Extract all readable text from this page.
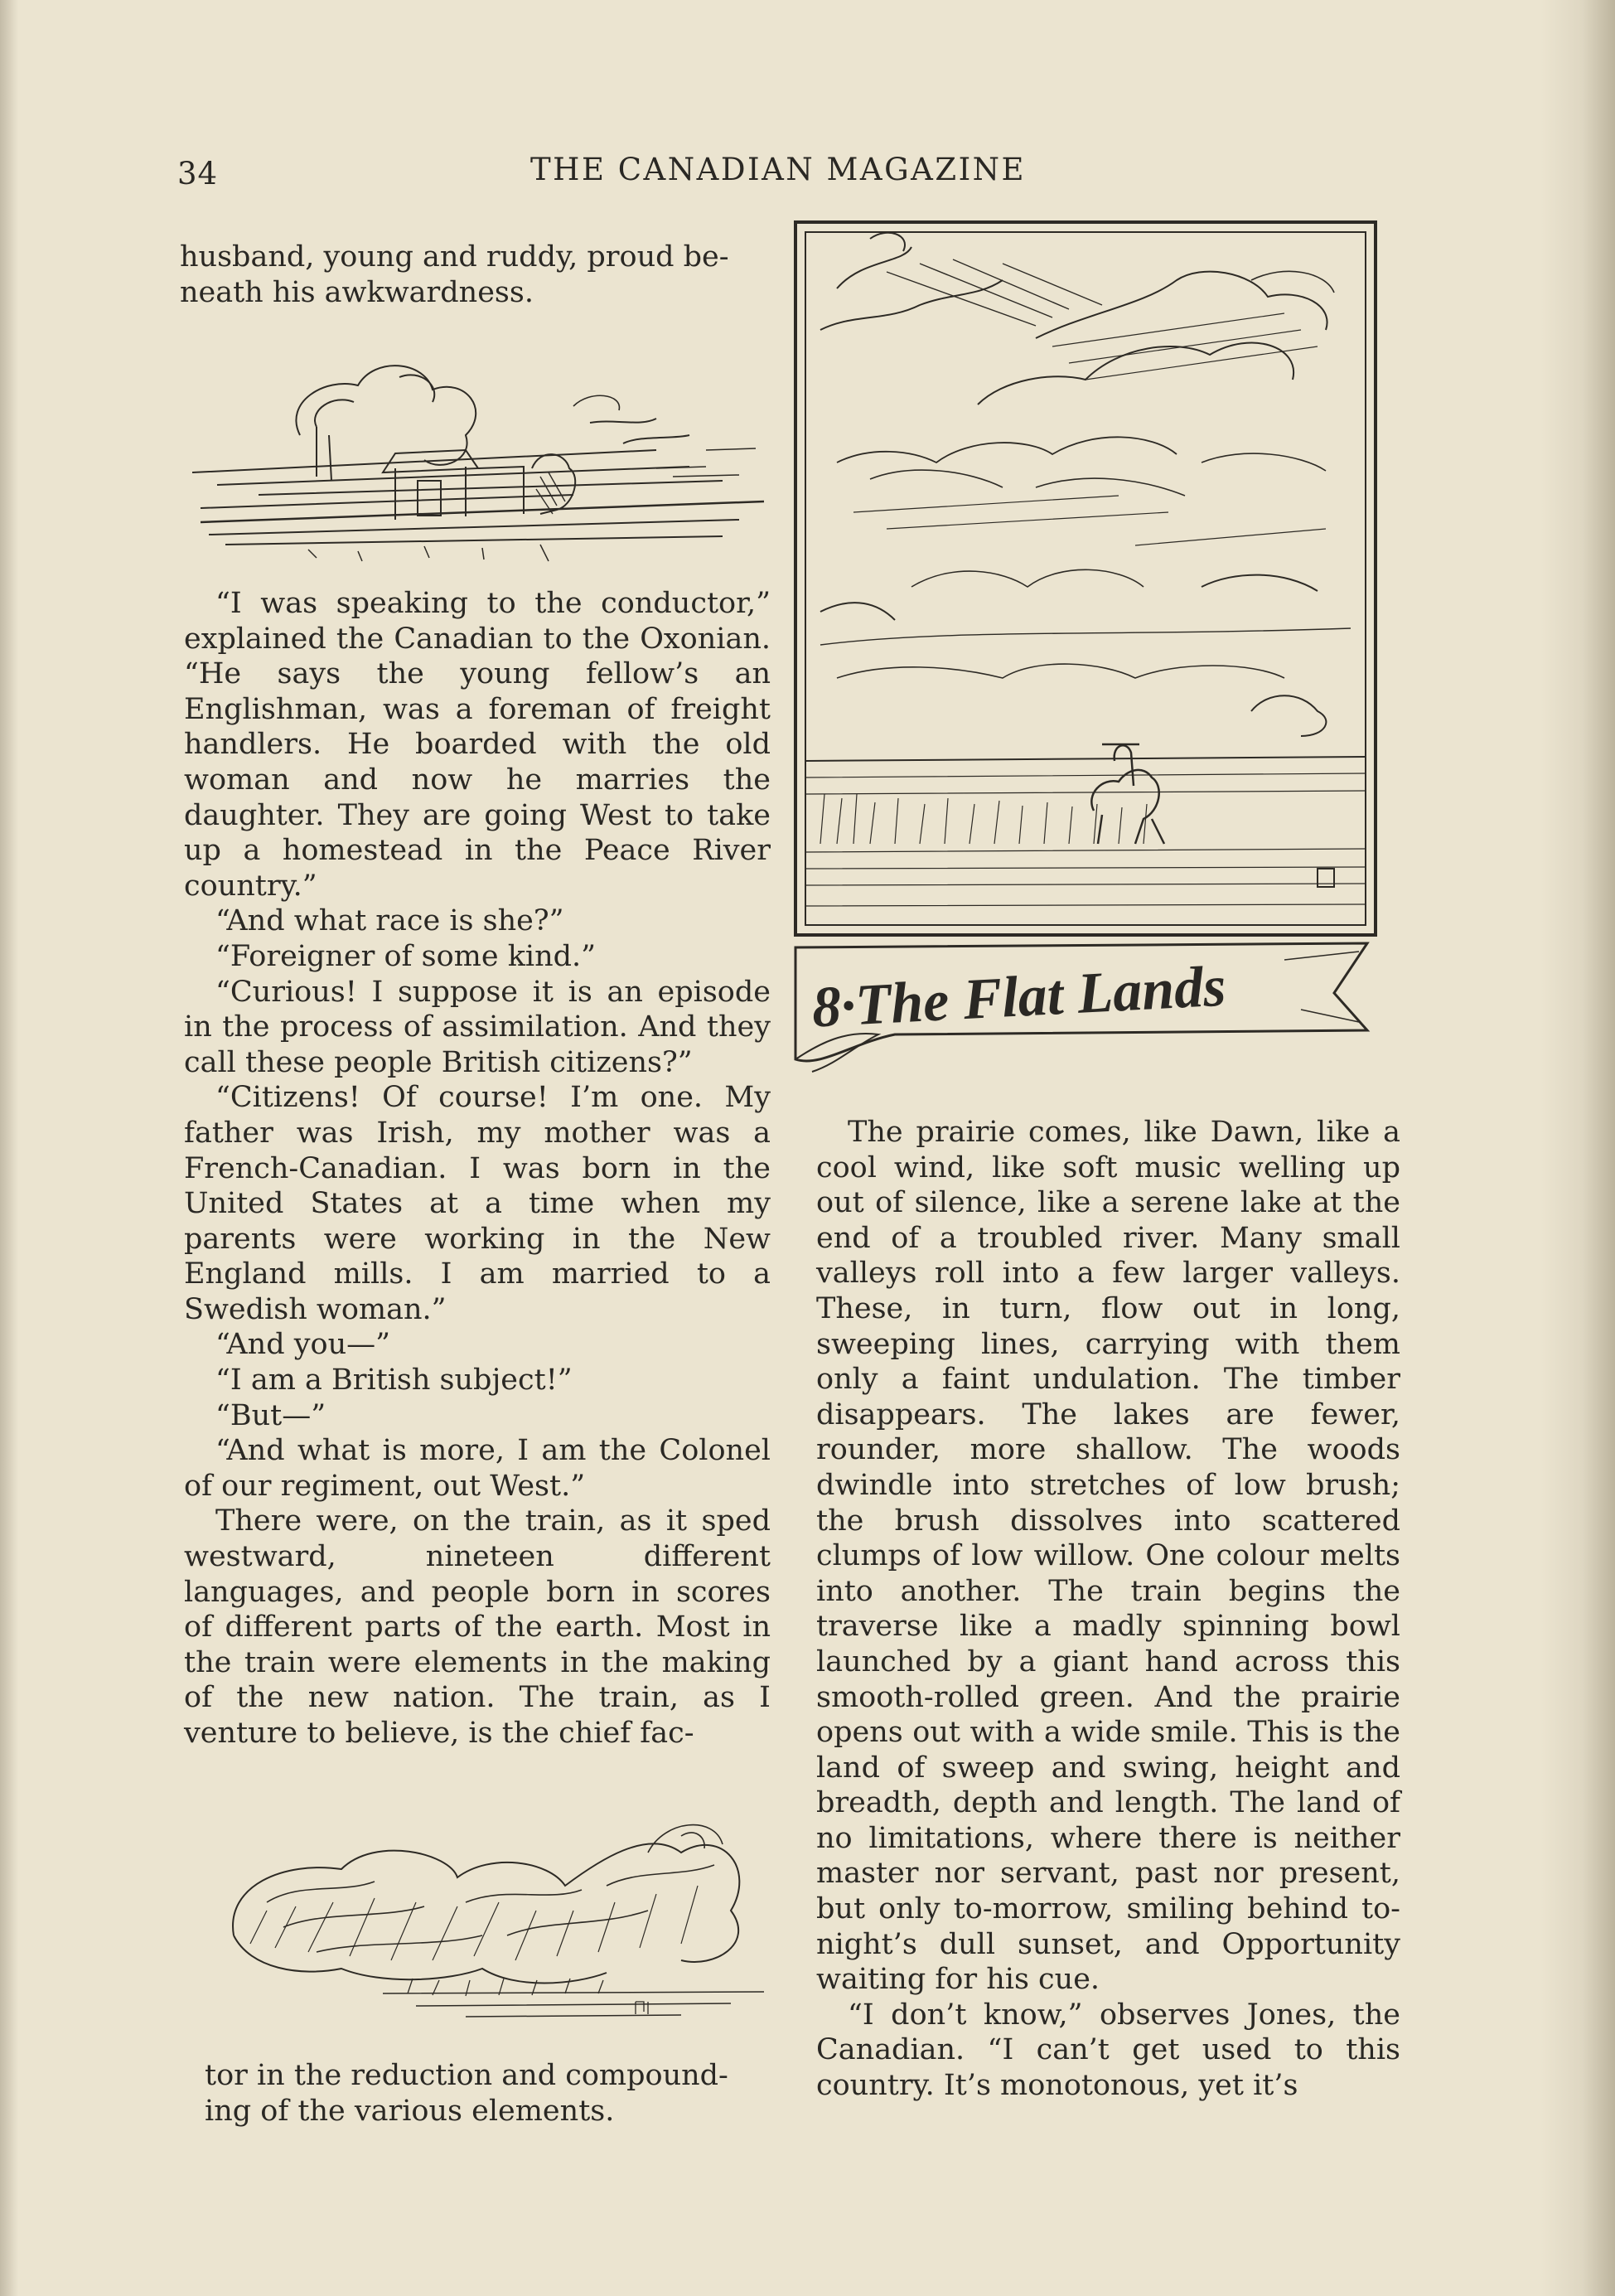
34	THE CANADIAN MAGAZINE
husband, young and ruddy, proud be-
neath his awkwardness.

“I was speaking to the conductor,” explained the Canadian to the Oxonian. “He says the young fellow’s an Englishman, was a foreman of freight handlers. He boarded with the old woman and now he marries the daughter. They are going West to take up a homestead in the Peace River country.”

“And what race is she?”

“Foreigner of some kind.”

“Curious! I suppose it is an episode in the process of assimilation. And they call these people British citizens?”

“Citizens! Of course! I’m one. My father was Irish, my mother was a French-Canadian. I was born in the United States at a time when my parents were working in the New England mills. I am married to a Swedish woman.”

“And you—”

“I am a British subject!”

“But—”

“And what is more, I am the Colonel of our regiment, out West.”

There were, on the train, as it sped westward, nineteen different languages, and people born in scores of different parts of the earth. Most in the train were elements in the making of the new nation. The train, as I venture to believe, is the chief fac-

tor in the reduction and compound-
ing of the various elements.
8·The Flat Lands

The prairie comes, like Dawn, like a cool wind, like soft music welling up out of silence, like a serene lake at the end of a troubled river. Many small valleys roll into a few larger valleys. These, in turn, flow out in long, sweeping lines, carrying with them only a faint undulation. The timber disappears. The lakes are fewer, rounder, more shallow. The woods dwindle into stretches of low brush; the brush dissolves into scattered clumps of low willow. One colour melts into another. The train begins the traverse like a madly spinning bowl launched by a giant hand across this smooth-rolled green. And the prairie opens out with a wide smile. This is the land of sweep and swing, height and breadth, depth and length. The land of no limitations, where there is neither master nor servant, past nor present, but only to-morrow, smiling behind to-night’s dull sunset, and Opportunity waiting for his cue.

“I don’t know,” observes Jones, the Canadian. “I can’t get used to this country. It’s monotonous, yet it’s
